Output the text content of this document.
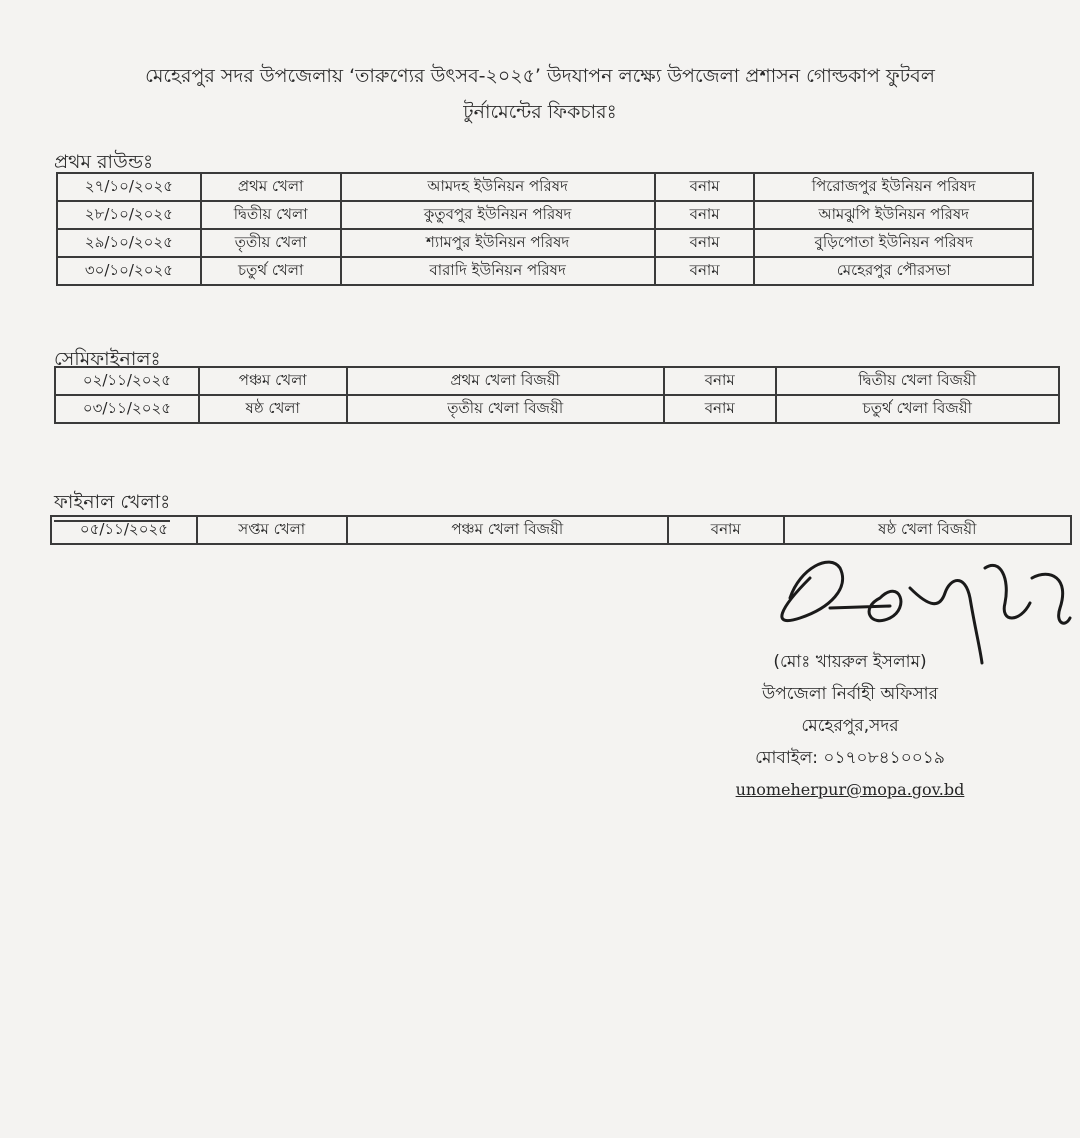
মেহেরপুর সদর উপজেলায় ‘তারুণ্যের উৎসব-২০২৫’ উদযাপন লক্ষ্যে উপজেলা প্রশাসন গোল্ডকাপ ফুটবল
টুর্নামেন্টের ফিকচারঃ
প্রথম রাউন্ডঃ
২৭/১০/২০২৫	প্রথম খেলা	আমদহ ইউনিয়ন পরিষদ	বনাম	পিরোজপুর ইউনিয়ন পরিষদ
২৮/১০/২০২৫	দ্বিতীয় খেলা	কুতুবপুর ইউনিয়ন পরিষদ	বনাম	আমঝুপি ইউনিয়ন পরিষদ
২৯/১০/২০২৫	তৃতীয় খেলা	শ্যামপুর ইউনিয়ন পরিষদ	বনাম	বুড়িপোতা ইউনিয়ন পরিষদ
৩০/১০/২০২৫	চতুর্থ খেলা	বারাদি ইউনিয়ন পরিষদ	বনাম	মেহেরপুর পৌরসভা
সেমিফাইনালঃ
০২/১১/২০২৫	পঞ্চম খেলা	প্রথম খেলা বিজয়ী	বনাম	দ্বিতীয় খেলা বিজয়ী
০৩/১১/২০২৫	ষষ্ঠ খেলা	তৃতীয় খেলা বিজয়ী	বনাম	চতুর্থ খেলা বিজয়ী
ফাইনাল খেলাঃ
০৫/১১/২০২৫	সপ্তম খেলা	পঞ্চম খেলা বিজয়ী	বনাম	ষষ্ঠ খেলা বিজয়ী
(মোঃ খায়রুল ইসলাম)
উপজেলা নির্বাহী অফিসার
মেহেরপুর,সদর
মোবাইল: ০১৭০৮৪১০০১৯
unomeherpur@mopa.gov.bd
